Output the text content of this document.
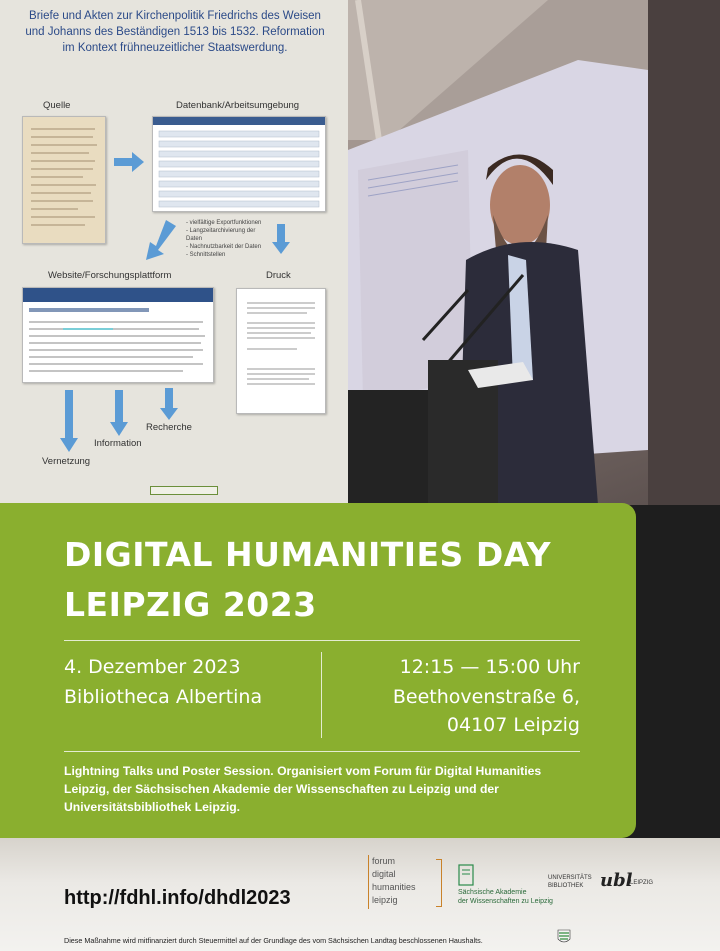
Briefe und Akten zur Kirchenpolitik Friedrichs des Weisen und Johanns des Beständigen 1513 bis 1532. Reformation im Kontext frühneuzeitlicher Staatswerdung.
Quelle	Datenbank/Arbeitsumgebung
- vielfältige Exportfunktionen
- Langzeitarchivierung der Daten
- Nachnutzbarkeit der Daten
- Schnittstellen
Website/Forschungsplattform	Druck
Recherche
Information
Vernetzung
DIGITAL HUMANITIES DAY
LEIPZIG 2023
4. Dezember 2023
Bibliotheca Albertina
12:15 — 15:00 Uhr
Beethovenstraße 6,
04107 Leipzig
Lightning Talks und Poster Session. Organisiert vom Forum für Digital Humanities Leipzig, der Sächsischen Akademie der Wissenschaften zu Leipzig und der Universitätsbibliothek Leipzig.
http://fdhl.info/dhdl2023
forum
digital
humanities
leipzig
Sächsische Akademie
der Wissenschaften zu Leipzig
UNIVERSITÄTS
BIBLIOTHEK ubl
LEIPZIG
Diese Maßnahme wird mitfinanziert durch Steuermittel auf der Grundlage des vom Sächsischen Landtag beschlossenen Haushalts.
